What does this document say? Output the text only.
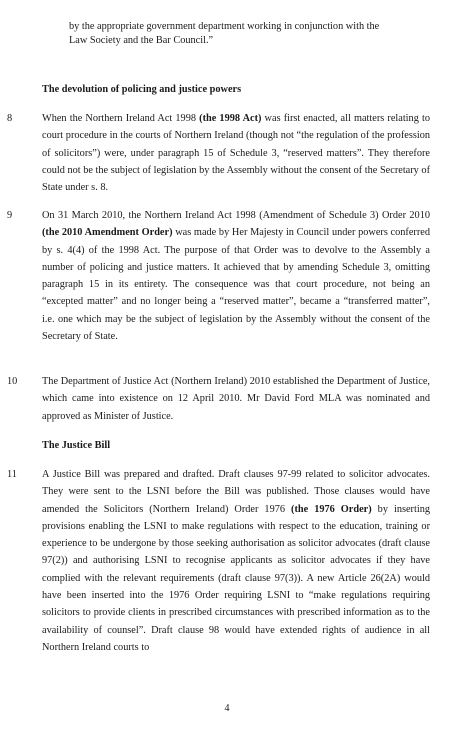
by the appropriate government department working in conjunction with the
Law Society and the Bar Council.”
The devolution of policing and justice powers
8	When the Northern Ireland Act 1998 (the 1998 Act) was first enacted, all matters relating to court procedure in the courts of Northern Ireland (though not “the regulation of the profession of solicitors”) were, under paragraph 15 of Schedule 3, “reserved matters”. They therefore could not be the subject of legislation by the Assembly without the consent of the Secretary of State under s. 8.
9	On 31 March 2010, the Northern Ireland Act 1998 (Amendment of Schedule 3) Order 2010 (the 2010 Amendment Order) was made by Her Majesty in Council under powers conferred by s. 4(4) of the 1998 Act. The purpose of that Order was to devolve to the Assembly a number of policing and justice matters. It achieved that by amending Schedule 3, omitting paragraph 15 in its entirety. The consequence was that court procedure, not being an “excepted matter” and no longer being a “reserved matter”, became a “transferred matter”, i.e. one which may be the subject of legislation by the Assembly without the consent of the Secretary of State.
10 The Department of Justice Act (Northern Ireland) 2010 established the Department of Justice, which came into existence on 12 April 2010. Mr David Ford MLA was nominated and approved as Minister of Justice.
The Justice Bill
11 A Justice Bill was prepared and drafted. Draft clauses 97-99 related to solicitor advocates. They were sent to the LSNI before the Bill was published. Those clauses would have amended the Solicitors (Northern Ireland) Order 1976 (the 1976 Order) by inserting provisions enabling the LSNI to make regulations with respect to the education, training or experience to be undergone by those seeking authorisation as solicitor advocates (draft clause 97(2)) and authorising LSNI to recognise applicants as solicitor advocates if they have complied with the relevant requirements (draft clause 97(3)). A new Article 26(2A) would have been inserted into the 1976 Order requiring LSNI to “make regulations requiring solicitors to provide clients in prescribed circumstances with prescribed information as to the availability of counsel”. Draft clause 98 would have extended rights of audience in all Northern Ireland courts to
4
